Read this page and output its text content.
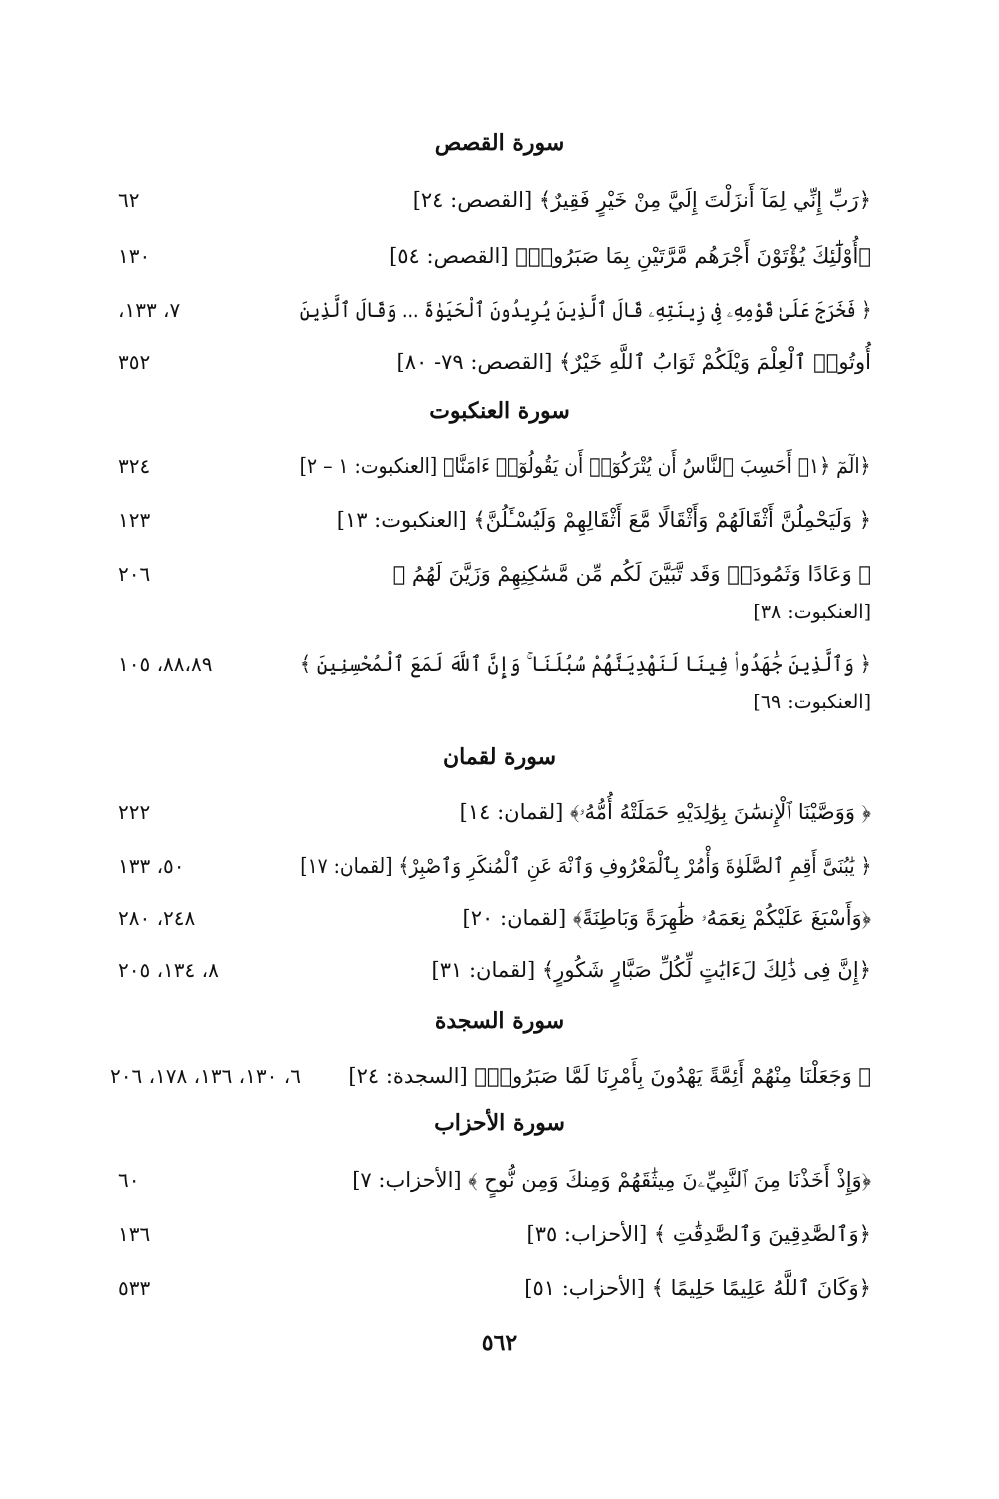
سورة القصص
﴿رَبِّ إِنِّي لِمَآ أَنزَلْتَ إِلَيَّ مِنْ خَيْرٍ فَقِيرٌ﴾ [القصص: ٢٤]
٦٢
﴿أُوْلَٰٓئِكَ يُؤْتَوْنَ أَجْرَهُم مَّرَّتَيْنِ بِمَا صَبَرُوا۟﴾ [القصص: ٥٤]
١٣٠
﴿ فَخَرَجَ عَلَىٰ قَوْمِهِۦ فِى زِينَتِهِۦ قَالَ ٱلَّذِينَ يُرِيدُونَ ٱلْحَيَوٰةَ ... وَقَالَ ٱلَّذِينَ
٧، ١٣٣،
أُوتُوا۟ ٱلْعِلْمَ وَيْلَكُمْ ثَوَابُ ٱللَّهِ خَيْرٌ﴾ [القصص: ٧٩- ٨٠]
٣٥٢
سورة العنكبوت
﴿الٓمٓ ﴿١﴾ أَحَسِبَ ٱلنَّاسُ أَن يُتْرَكُوٓا۟ أَن يَقُولُوٓا۟ ءَامَنَّا﴾ [العنكبوت: ١ – ٢]
٣٢٤
﴿ وَلَيَحْمِلُنَّ أَثْقَالَهُمْ وَأَثْقَالًا مَّعَ أَثْقَالِهِمْ وَلَيُسْـَٔلُنَّ﴾ [العنكبوت: ١٣]
١٢٣
﴿ وَعَادًا وَثَمُودَا۟ وَقَد تَّبَيَّنَ لَكُم مِّن مَّسَٰكِنِهِمْ وَزَيَّنَ لَهُمُ ﴾
[العنكبوت: ٣٨]
٢٠٦
﴿ وَٱلَّذِينَ جَٰهَدُوا۟ فِينَا لَنَهْدِيَنَّهُمْ سُبُلَنَا ۚ وَإِنَّ ٱللَّهَ لَمَعَ ٱلْمُحْسِنِينَ ﴾
[العنكبوت: ٦٩]
٨٨،٨٩، ١٠٥
سورة لقمان
﴿ وَوَصَّيْنَا ٱلْإِنسَٰنَ بِوَٰلِدَيْهِ حَمَلَتْهُ أُمُّهُۥ﴾ [لقمان: ١٤]
٢٢٢
﴿ يَٰبُنَىَّ أَقِمِ ٱلصَّلَوٰةَ وَأْمُرْ بِٱلْمَعْرُوفِ وَٱنْهَ عَنِ ٱلْمُنكَرِ وَٱصْبِرْ﴾ [لقمان: ١٧]
٥٠، ١٣٣
﴿وَأَسْبَغَ عَلَيْكُمْ نِعَمَهُۥ ظَٰهِرَةً وَبَاطِنَةً﴾ [لقمان: ٢٠]
٢٤٨، ٢٨٠
﴿إِنَّ فِى ذَٰلِكَ لَءَايَٰتٍ لِّكُلِّ صَبَّارٍ شَكُورٍ﴾ [لقمان: ٣١]
٨، ١٣٤، ٢٠٥
سورة السجدة
﴿ وَجَعَلْنَا مِنْهُمْ أَئِمَّةً يَهْدُونَ بِأَمْرِنَا لَمَّا صَبَرُوا۟﴾ [السجدة: ٢٤]
٦، ١٣٠، ١٣٦، ١٧٨، ٢٠٦
سورة الأحزاب
﴿وَإِذْ أَخَذْنَا مِنَ ٱلنَّبِيِّۦنَ مِيثَٰقَهُمْ وَمِنكَ وَمِن نُّوحٍ ﴾ [الأحزاب: ٧]
٦٠
﴿وَٱلصَّٰدِقِينَ وَٱلصَّٰدِقَٰتِ ﴾ [الأحزاب: ٣٥]
١٣٦
﴿وَكَانَ ٱللَّهُ عَلِيمًا حَلِيمًا ﴾ [الأحزاب: ٥١]
٥٣٣
٥٦٢
